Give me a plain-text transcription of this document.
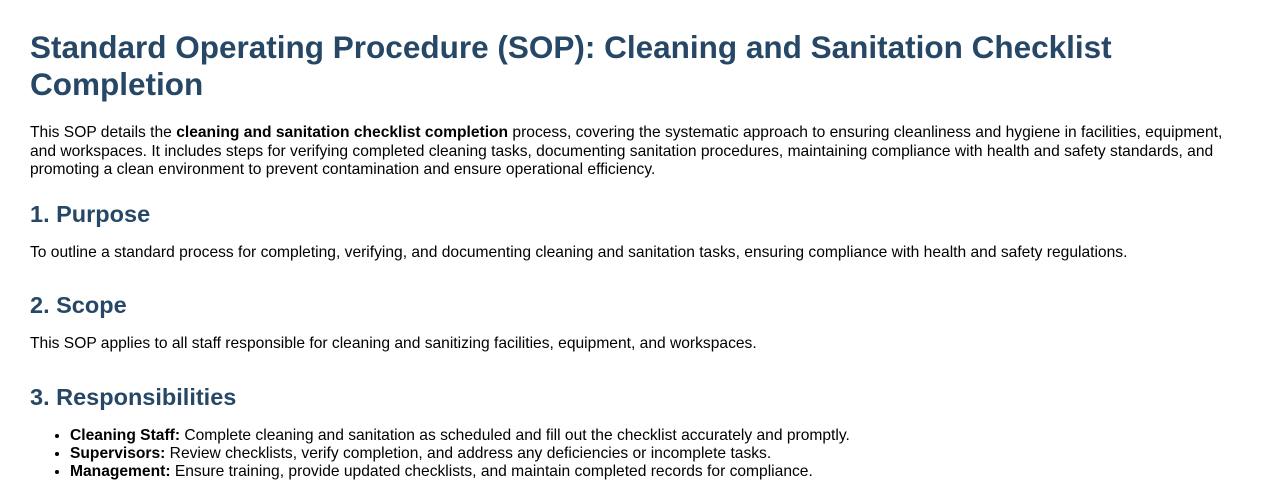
Standard Operating Procedure (SOP): Cleaning and Sanitation Checklist Completion

This SOP details the cleaning and sanitation checklist completion process, covering the systematic approach to ensuring cleanliness and hygiene in facilities, equipment, and workspaces. It includes steps for verifying completed cleaning tasks, documenting sanitation procedures, maintaining compliance with health and safety standards, and promoting a clean environment to prevent contamination and ensure operational efficiency.

1. Purpose

To outline a standard process for completing, verifying, and documenting cleaning and sanitation tasks, ensuring compliance with health and safety regulations.

2. Scope

This SOP applies to all staff responsible for cleaning and sanitizing facilities, equipment, and workspaces.

3. Responsibilities
• Cleaning Staff: Complete cleaning and sanitation as scheduled and fill out the checklist accurately and promptly.
• Supervisors: Review checklists, verify completion, and address any deficiencies or incomplete tasks.
• Management: Ensure training, provide updated checklists, and maintain completed records for compliance.
